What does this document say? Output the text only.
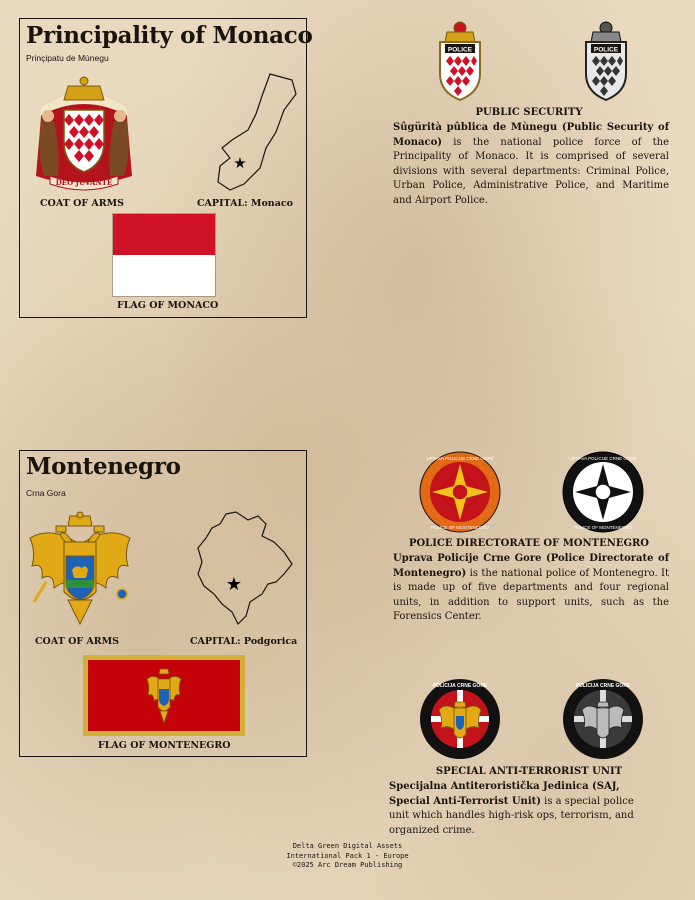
Principality of Monaco
Prinçipatu de Mùnegu
DEO JUVANTE
COAT OF ARMS
★
CAPITAL: Monaco
FLAG OF MONACO
POLICE	POLICE
PUBLIC SECURITY
Sûgürità pûblica de Mùnegu (Public Security of Monaco) is the national police force of the Principality of Monaco. It is comprised of several divisions with several departments: Criminal Police, Urban Police, Administrative Police, and Maritime and Airport Police.
Montenegro
Crna Gora
COAT OF ARMS
★
CAPITAL: Podgorica
FLAG OF MONTENEGRO
UPRAVA POLICIJE CRNE GORE
POLICE OF MONTENEGRO
UPRAVA POLICIJE CRNE GORE
POLICE OF MONTENEGRO
POLICE DIRECTORATE OF MONTENEGRO
Uprava Policije Crne Gore (Police Directorate of Montenegro) is the national police of Montenegro. It is made up of five departments and four regional units, in addition to support units, such as the Forensics Center.
POLICIJA CRNE GORE	POLICIJA CRNE GORE
SPECIAL ANTI-TERRORIST UNIT
Specijalna Antiteroristička Jedinica (SAJ, Special Anti-Terrorist Unit) is a special police unit which handles high-risk ops, terrorism, and organized crime.
Delta Green Digital Assets
International Pack 1 - Europe
©2025 Arc Dream Publishing
